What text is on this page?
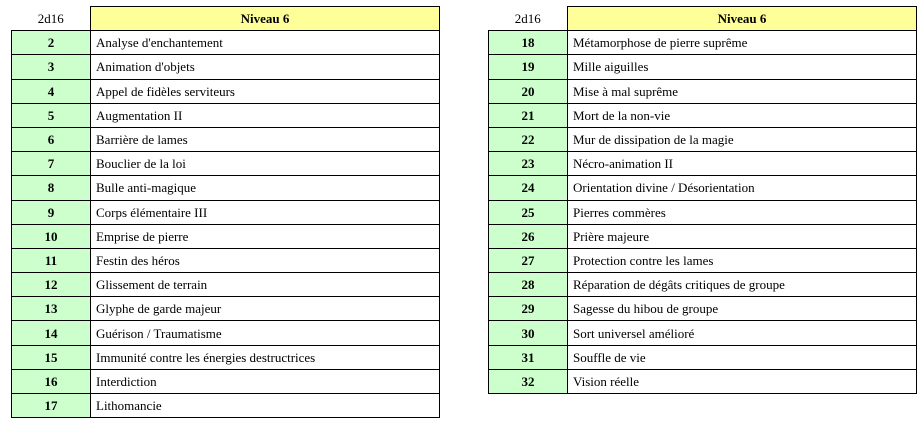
2d16	Niveau 6
2	Analyse d'enchantement
3	Animation d'objets
4	Appel de fidèles serviteurs
5	Augmentation II
6	Barrière de lames
7	Bouclier de la loi
8	Bulle anti-magique
9	Corps élémentaire III
10	Emprise de pierre
11	Festin des héros
12	Glissement de terrain
13	Glyphe de garde majeur
14	Guérison / Traumatisme
15	Immunité contre les énergies destructrices
16	Interdiction
17	Lithomancie
2d16	Niveau 6
18	Métamorphose de pierre suprême
19	Mille aiguilles
20	Mise à mal suprême
21	Mort de la non-vie
22	Mur de dissipation de la magie
23	Nécro-animation II
24	Orientation divine / Désorientation
25	Pierres commères
26	Prière majeure
27	Protection contre les lames
28	Réparation de dégâts critiques de groupe
29	Sagesse du hibou de groupe
30	Sort universel amélioré
31	Souffle de vie
32	Vision réelle
